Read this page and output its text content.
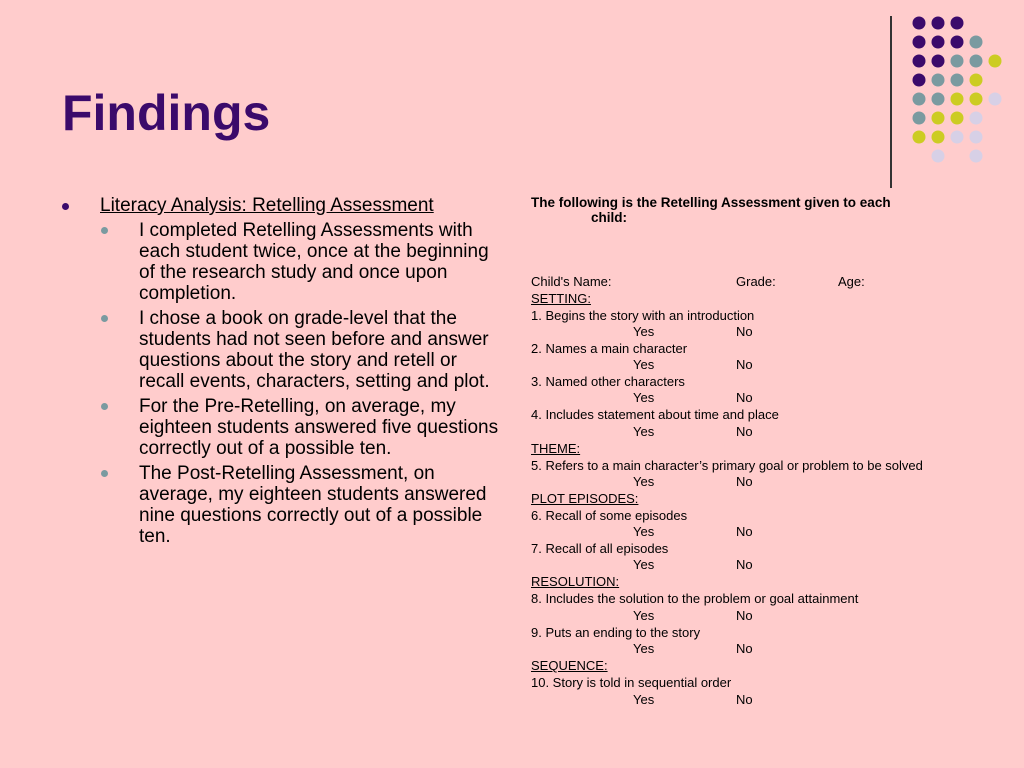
Findings
Literacy Analysis: Retelling Assessment
I completed Retelling Assessments with each student twice, once at the beginning of the research study and once upon completion.
I chose a book on grade-level that the students had not seen before and answer questions about the story and retell or recall events, characters, setting and plot.
For the Pre-Retelling, on average, my eighteen students answered five questions correctly out of a possible ten.
The Post-Retelling Assessment, on average, my eighteen students answered nine questions correctly out of a possible ten.
The following is the Retelling Assessment given to each
child:
Child's Name:	Grade:	Age:
SETTING:
1. Begins the story with an introduction
Yes	No
2. Names a main character
Yes	No
3. Named other characters
Yes	No
4. Includes statement about time and place
Yes	No
THEME:
5. Refers to a main character’s primary goal or problem to be solved
Yes	No
PLOT EPISODES:
6. Recall of some episodes
Yes	No
7. Recall of all episodes
Yes	No
RESOLUTION:
8. Includes the solution to the problem or goal attainment
Yes	No
9. Puts an ending to the story
Yes	No
SEQUENCE:
10. Story is told in sequential order
Yes	No
